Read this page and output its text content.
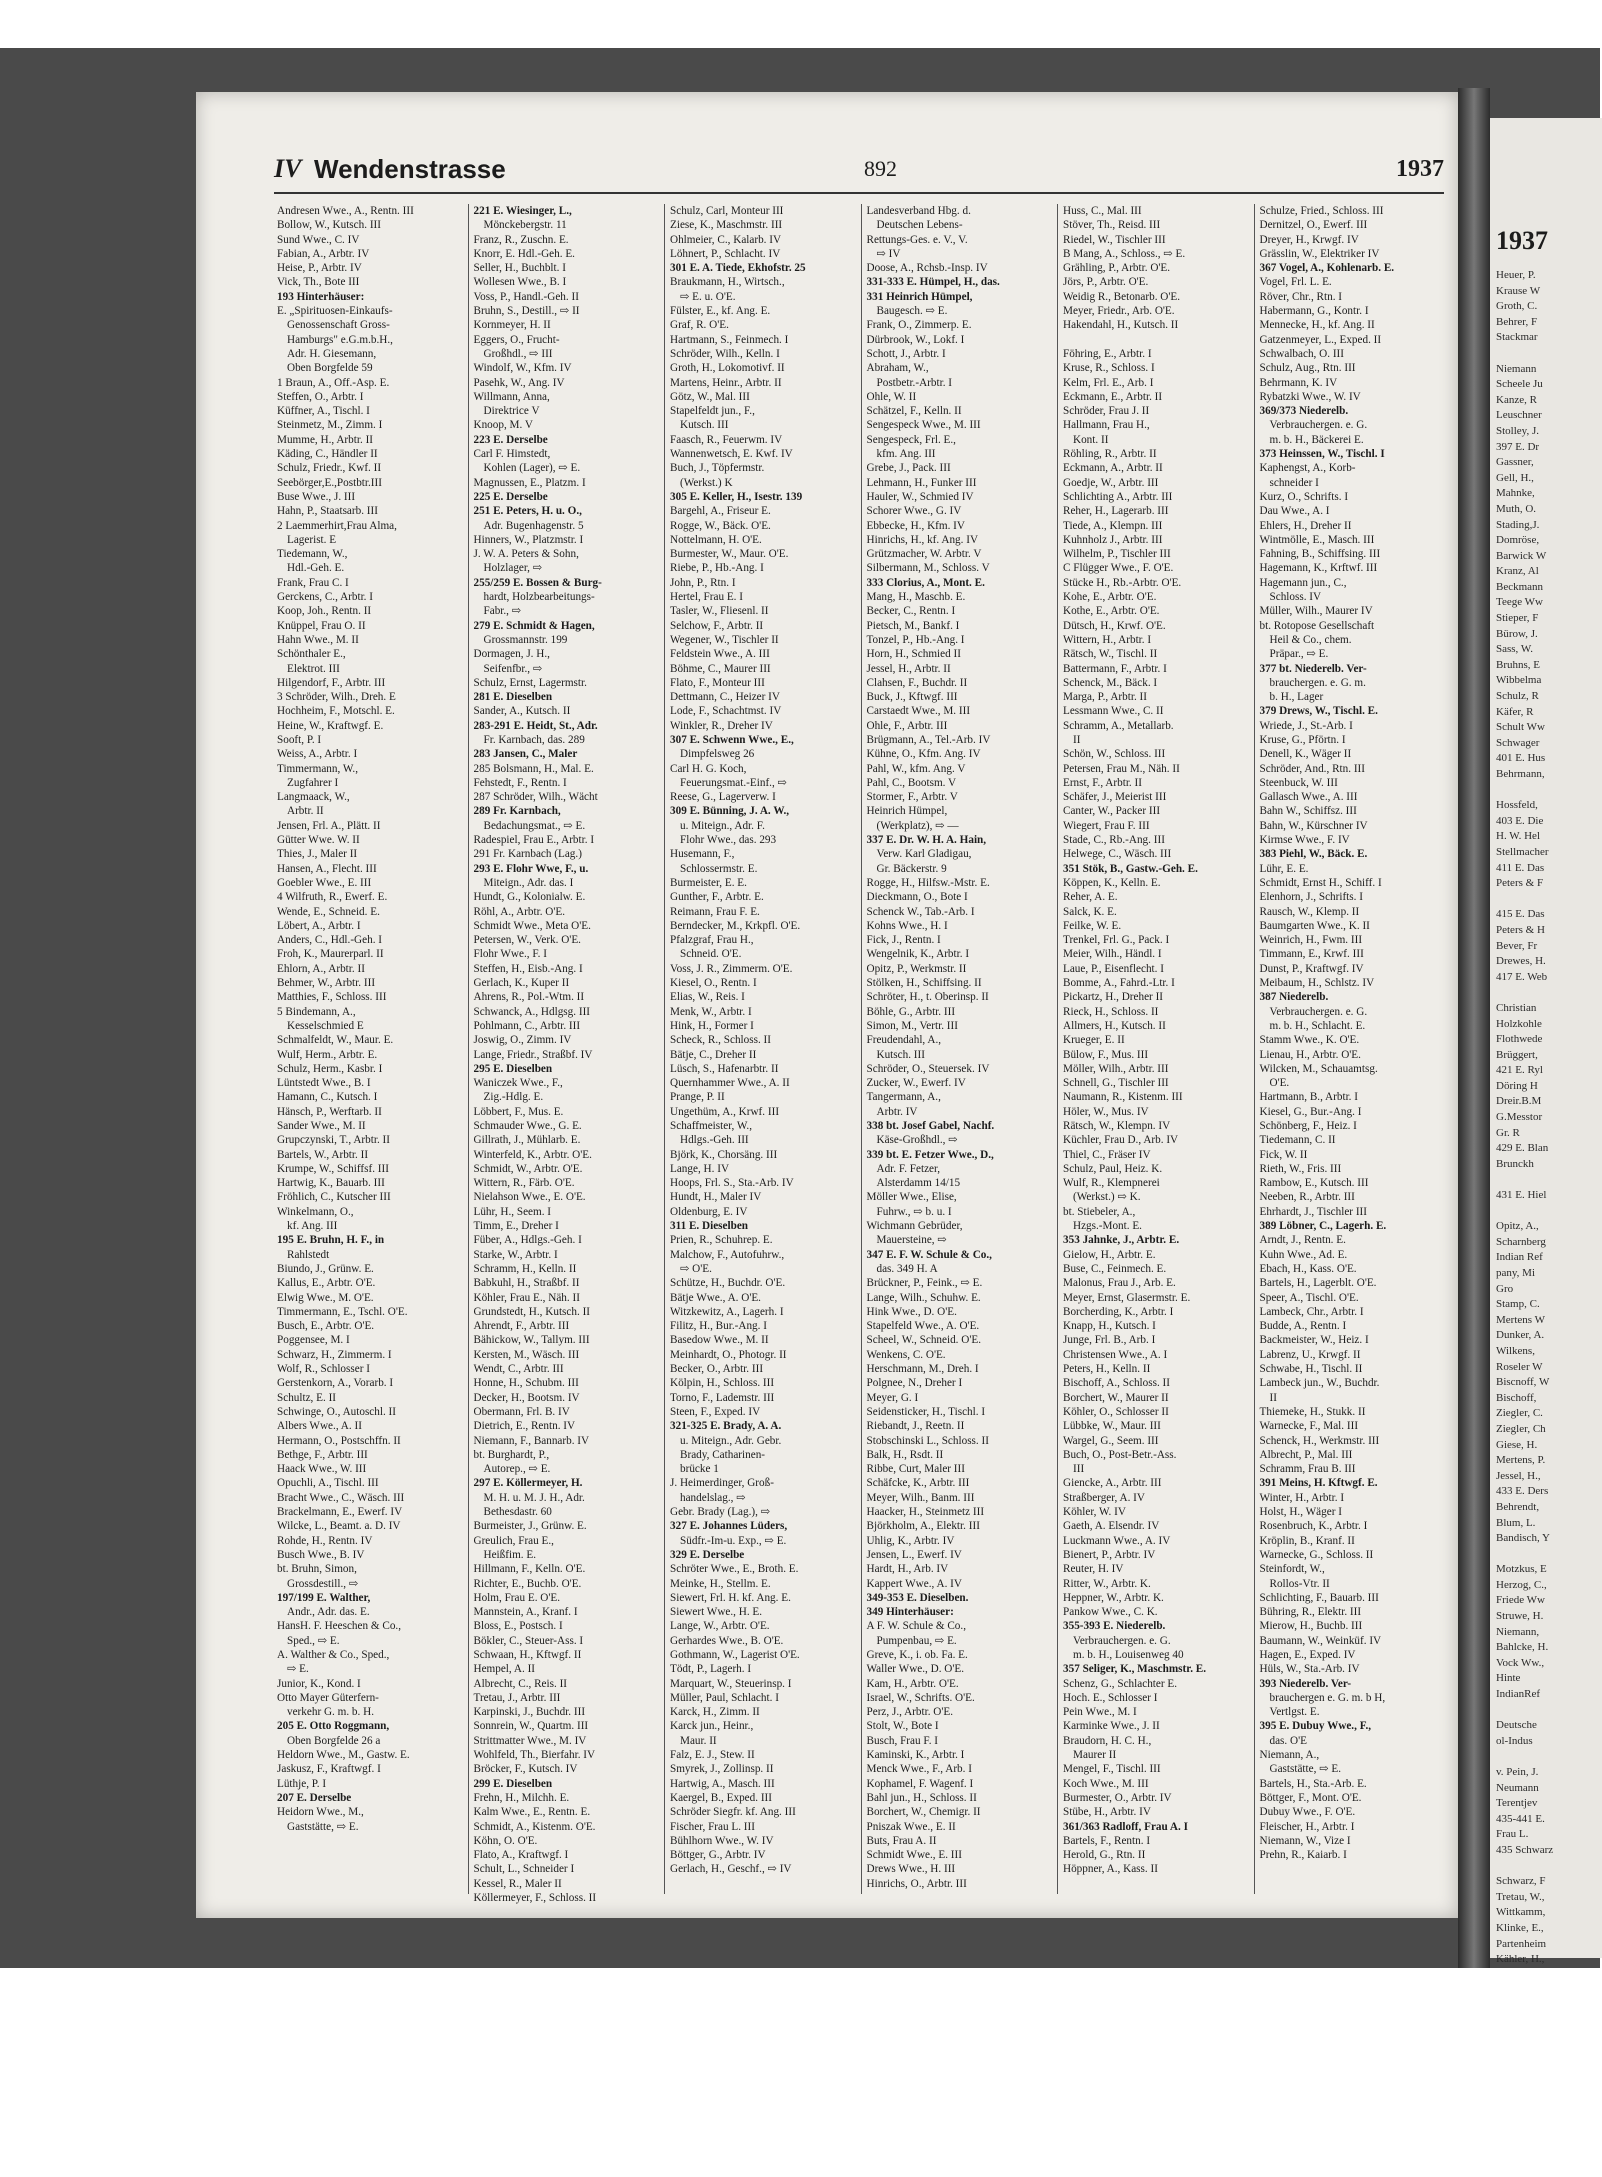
IV Wendenstrasse	892	1937
Andresen Wwe., A., Rentn. III
Bollow, W., Kutsch. III
Sund Wwe., C. IV
Fabian, A., Arbtr. IV
Heise, P., Arbtr. IV
Vick, Th., Bote III
193 Hinterhäuser:
E. „Spirituosen-Einkaufs-
Genossenschaft Gross-
Hamburgs" e.G.m.b.H.,
Adr. H. Giesemann,
Oben Borgfelde 59
1 Braun, A., Off.-Asp. E.
Steffen, O., Arbtr. I
Küffner, A., Tischl. I
Steinmetz, M., Zimm. I
Mumme, H., Arbtr. II
Käding, C., Händler II
Schulz, Friedr., Kwf. II
Seebörger,E.,Postbtr.III
Buse Wwe., J. III
Hahn, P., Staatsarb. III
2 Laemmerhirt,Frau Alma,
Lagerist. E
Tiedemann, W.,
Hdl.-Geh. E.
Frank, Frau C. I
Gerckens, C., Arbtr. I
Koop, Joh., Rentn. II
Knüppel, Frau O. II
Hahn Wwe., M. II
Schönthaler E.,
Elektrot. III
Hilgendorf, F., Arbtr. III
3 Schröder, Wilh., Dreh. E
Hochheim, F., Motschl. E.
Heine, W., Kraftwgf. E.
Sooft, P. I
Weiss, A., Arbtr. I
Timmermann, W.,
Zugfahrer I
Langmaack, W.,
Arbtr. II
Jensen, Frl. A., Plätt. II
Gütter Wwe. W. II
Thies, J., Maler II
Hansen, A., Flecht. III
Goebler Wwe., E. III
4 Wilfruth, R., Ewerf. E.
Wende, E., Schneid. E.
Löbert, A., Arbtr. I
Anders, C., Hdl.-Geh. I
Froh, K., Maurerparl. II
Ehlorn, A., Arbtr. II
Behmer, W., Arbtr. III
Matthies, F., Schloss. III
5 Bindemann, A.,
Kesselschmied E
Schmalfeldt, W., Maur. E.
Wulf, Herm., Arbtr. E.
Schulz, Herm., Kasbr. I
Lüntstedt Wwe., B. I
Hamann, C., Kutsch. I
Hänsch, P., Werftarb. II
Sander Wwe., M. II
Grupczynski, T., Arbtr. II
Bartels, W., Arbtr. II
Krumpe, W., Schiffsf. III
Hartwig, K., Bauarb. III
Fröhlich, C., Kutscher III
Winkelmann, O.,
kf. Ang. III
195 E. Bruhn, H. F., in
Rahlstedt
Biundo, J., Grünw. E.
Kallus, E., Arbtr. O'E.
Elwig Wwe., M. O'E.
Timmermann, E., Tschl. O'E.
Busch, E., Arbtr. O'E.
Poggensee, M. I
Schwarz, H., Zimmerm. I
Wolf, R., Schlosser I
Gerstenkorn, A., Vorarb. I
Schultz, E. II
Schwinge, O., Autoschl. II
Albers Wwe., A. II
Hermann, O., Postschffn. II
Bethge, F., Arbtr. III
Haack Wwe., W. III
Opuchli, A., Tischl. III
Bracht Wwe., C., Wäsch. III
Brackelmann, E., Ewerf. IV
Wilcke, L., Beamt. a. D. IV
Rohde, H., Rentn. IV
Busch Wwe., B. IV
bt. Bruhn, Simon,
Grossdestill., ⇨
197/199 E. Walther,
Andr., Adr. das. E.
HansH. F. Heeschen & Co.,
Sped., ⇨ E.
A. Walther & Co., Sped.,
⇨ E.
Junior, K., Kond. I
Otto Mayer Güterfern-
verkehr G. m. b. H.
205 E. Otto Roggmann,
Oben Borgfelde 26 a
Heldorn Wwe., M., Gastw. E.
Jaskusz, F., Kraftwgf. I
Lüthje, P. I
207 E. Derselbe
Heidorn Wwe., M.,
Gaststätte, ⇨ E.
221 E. Wiesinger, L.,
Mönckebergstr. 11
Franz, R., Zuschn. E.
Knorr, E. Hdl.-Geh. E.
Seller, H., Buchblt. I
Wollesen Wwe., B. I
Voss, P., Handl.-Geh. II
Bruhn, S., Destill., ⇨ II
Kornmeyer, H. II
Eggers, O., Frucht-
Großhdl., ⇨ III
Windolf, W., Kfm. IV
Pasehk, W., Ang. IV
Willmann, Anna,
Direktrice V
Knoop, M. V
223 E. Derselbe
Carl F. Himstedt,
Kohlen (Lager), ⇨ E.
Magnussen, E., Platzm. I
225 E. Derselbe
251 E. Peters, H. u. O.,
Adr. Bugenhagenstr. 5
Hinners, W., Platzmstr. I
J. W. A. Peters & Sohn,
Holzlager, ⇨
255/259 E. Bossen & Burg-
hardt, Holzbearbeitungs-
Fabr., ⇨
279 E. Schmidt & Hagen,
Grossmannstr. 199
Dormagen, J. H.,
Seifenfbr., ⇨
Schulz, Ernst, Lagermstr.
281 E. Dieselben
Sander, A., Kutsch. II
283-291 E. Heidt, St., Adr.
Fr. Karnbach, das. 289
283 Jansen, C., Maler
285 Bolsmann, H., Mal. E.
Fehstedt, F., Rentn. I
287 Schröder, Wilh., Wächt
289 Fr. Karnbach,
Bedachungsmat., ⇨ E.
Radespiel, Frau E., Arbtr. I
291 Fr. Karnbach (Lag.)
293 E. Flohr Wwe, F., u.
Miteign., Adr. das. I
Hundt, G., Kolonialw. E.
Röhl, A., Arbtr. O'E.
Schmidt Wwe., Meta O'E.
Petersen, W., Verk. O'E.
Flohr Wwe., F. I
Steffen, H., Eisb.-Ang. I
Gerlach, K., Kuper II
Ahrens, R., Pol.-Wtm. II
Schwanck, A., Hdlgsg. III
Pohlmann, C., Arbtr. III
Joswig, O., Zimm. IV
Lange, Friedr., Straßbf. IV
295 E. Dieselben
Waniczek Wwe., F.,
Zig.-Hdlg. E.
Löbbert, F., Mus. E.
Schmauder Wwe., G. E.
Gillrath, J., Mühlarb. E.
Winterfeld, K., Arbtr. O'E.
Schmidt, W., Arbtr. O'E.
Wittern, R., Färb. O'E.
Nielahson Wwe., E. O'E.
Lühr, H., Seem. I
Timm, E., Dreher I
Füber, A., Hdlgs.-Geh. I
Starke, W., Arbtr. I
Schramm, H., Kelln. II
Babkuhl, H., Straßbf. II
Köhler, Frau E., Näh. II
Grundstedt, H., Kutsch. II
Ahrendt, F., Arbtr. III
Bähickow, W., Tallym. III
Kersten, M., Wäsch. III
Wendt, C., Arbtr. III
Honne, H., Schubm. III
Decker, H., Bootsm. IV
Obermann, Frl. B. IV
Dietrich, E., Rentn. IV
Niemann, F., Bannarb. IV
bt. Burghardt, P.,
Autorep., ⇨ E.
297 E. Köllermeyer, H.
M. H. u. M. J. H., Adr.
Bethesdastr. 60
Burmeister, J., Grünw. E.
Greulich, Frau E.,
Heißfim. E.
Hillmann, F., Kelln. O'E.
Richter, E., Buchb. O'E.
Holm, Frau E. O'E.
Mannstein, A., Kranf. I
Bloss, E., Postsch. I
Bökler, C., Steuer-Ass. I
Schwaan, H., Kftwgf. II
Hempel, A. II
Albrecht, C., Reis. II
Tretau, J., Arbtr. III
Karpinski, J., Buchdr. III
Sonnrein, W., Quartm. III
Strittmatter Wwe., M. IV
Wohlfeld, Th., Bierfahr. IV
Bröcker, F., Kutsch. IV
299 E. Dieselben
Frehn, H., Milchh. E.
Kalm Wwe., E., Rentn. E.
Schmidt, A., Kistenm. O'E.
Köhn, O. O'E.
Flato, A., Kraftwgf. I
Schult, L., Schneider I
Kessel, R., Maler II
Köllermeyer, F., Schloss. II
Schulz, Carl, Monteur III
Ziese, K., Maschmstr. III
Ohlmeier, C., Kalarb. IV
Löhnert, P., Schlacht. IV
301 E. A. Tiede, Ekhofstr. 25
Braukmann, H., Wirtsch.,
⇨ E. u. O'E.
Fülster, E., kf. Ang. E.
Graf, R. O'E.
Hartmann, S., Feinmech. I
Schröder, Wilh., Kelln. I
Groth, H., Lokomotivf. II
Martens, Heinr., Arbtr. II
Götz, W., Mal. III
Stapelfeldt jun., F.,
Kutsch. III
Faasch, R., Feuerwm. IV
Wannenwetsch, E. Kwf. IV
Buch, J., Töpfermstr.
(Werkst.) K
305 E. Keller, H., Isestr. 139
Bargehl, A., Friseur E.
Rogge, W., Bäck. O'E.
Nottelmann, H. O'E.
Burmester, W., Maur. O'E.
Riebe, P., Hb.-Ang. I
John, P., Rtn. I
Hertel, Frau E. I
Tasler, W., Fliesenl. II
Selchow, F., Arbtr. II
Wegener, W., Tischler II
Feldstein Wwe., A. III
Böhme, C., Maurer III
Flato, F., Monteur III
Dettmann, C., Heizer IV
Lode, F., Schachtmst. IV
Winkler, R., Dreher IV
307 E. Schwenn Wwe., E.,
Dimpfelsweg 26
Carl H. G. Koch,
Feuerungsmat.-Einf., ⇨
Reese, G., Lagerverw. I
309 E. Bünning, J. A. W.,
u. Miteign., Adr. F.
Flohr Wwe., das. 293
Husemann, F.,
Schlossermstr. E.
Burmeister, E. E.
Gunther, F., Arbtr. E.
Reimann, Frau F. E.
Berndecker, M., Krkpfl. O'E.
Pfalzgraf, Frau H.,
Schneid. O'E.
Voss, J. R., Zimmerm. O'E.
Kiesel, O., Rentn. I
Elias, W., Reis. I
Menk, W., Arbtr. I
Hink, H., Former I
Scheck, R., Schloss. II
Bätje, C., Dreher II
Lüsch, S., Hafenarbtr. II
Quernhammer Wwe., A. II
Prange, P. II
Ungethüm, A., Krwf. III
Schaffmeister, W.,
Hdlgs.-Geh. III
Björk, K., Chorsäng. III
Lange, H. IV
Hoops, Frl. S., Sta.-Arb. IV
Hundt, H., Maler IV
Oldenburg, E. IV
311 E. Dieselben
Prien, R., Schuhrep. E.
Malchow, F., Autofuhrw.,
⇨ O'E.
Schütze, H., Buchdr. O'E.
Bätje Wwe., A. O'E.
Witzkewitz, A., Lagerh. I
Filitz, H., Bur.-Ang. I
Basedow Wwe., M. II
Meinhardt, O., Photogr. II
Becker, O., Arbtr. III
Kölpin, H., Schloss. III
Torno, F., Lademstr. III
Steen, F., Exped. IV
321-325 E. Brady, A. A.
u. Miteign., Adr. Gebr.
Brady, Catharinen-
brücke 1
J. Heimerdinger, Groß-
handelslag., ⇨
Gebr. Brady (Lag.), ⇨
327 E. Johannes Lüders,
Südfr.-Im-u. Exp., ⇨ E.
329 E. Derselbe
Schröter Wwe., E., Broth. E.
Meinke, H., Stellm. E.
Siewert, Frl. H. kf. Ang. E.
Siewert Wwe., H. E.
Lange, W., Arbtr. O'E.
Gerhardes Wwe., B. O'E.
Gothmann, W., Lagerist O'E.
Tödt, P., Lagerh. I
Marquart, W., Steuerinsp. I
Müller, Paul, Schlacht. I
Karck, H., Zimm. II
Karck jun., Heinr.,
Maur. II
Falz, E. J., Stew. II
Smyrek, J., Zollinsp. II
Hartwig, A., Masch. III
Kaergel, B., Exped. III
Schröder Siegfr. kf. Ang. III
Fischer, Frau L. III
Bühlhorn Wwe., W. IV
Böttger, G., Arbtr. IV
Gerlach, H., Geschf., ⇨ IV
Landesverband Hbg. d.
Deutschen Lebens-
Rettungs-Ges. e. V., V.
⇨ IV
Doose, A., Rchsb.-Insp. IV
331-333 E. Hümpel, H., das.
331 Heinrich Hümpel,
Baugesch. ⇨ E.
Frank, O., Zimmerp. E.
Dürbrook, W., Lokf. I
Schott, J., Arbtr. I
Abraham, W.,
Postbetr.-Arbtr. I
Ohle, W. II
Schätzel, F., Kelln. II
Sengespeck Wwe., M. III
Sengespeck, Frl. E.,
kfm. Ang. III
Grebe, J., Pack. III
Lehmann, H., Funker III
Hauler, W., Schmied IV
Schorer Wwe., G. IV
Ebbecke, H., Kfm. IV
Hinrichs, H., kf. Ang. IV
Grützmacher, W. Arbtr. V
Silbermann, M., Schloss. V
333 Clorius, A., Mont. E.
Mang, H., Maschb. E.
Becker, C., Rentn. I
Pietsch, M., Bankf. I
Tonzel, P., Hb.-Ang. I
Horn, H., Schmied II
Jessel, H., Arbtr. II
Clahsen, F., Buchdr. II
Buck, J., Kftwgf. III
Carstaedt Wwe., M. III
Ohle, F., Arbtr. III
Brügmann, A., Tel.-Arb. IV
Kühne, O., Kfm. Ang. IV
Pahl, W., kfm. Ang. V
Pahl, C., Bootsm. V
Stormer, F., Arbtr. V
Heinrich Hümpel,
(Werkplatz), ⇨ —
337 E. Dr. W. H. A. Hain,
Verw. Karl Gladigau,
Gr. Bäckerstr. 9
Rogge, H., Hilfsw.-Mstr. E.
Dieckmann, O., Bote I
Schenck W., Tab.-Arb. I
Kohns Wwe., H. I
Fick, J., Rentn. I
Wengelnik, K., Arbtr. I
Opitz, P., Werkmstr. II
Stölken, H., Schiffsing. II
Schröter, H., t. Oberinsp. II
Böhle, G., Arbtr. III
Simon, M., Vertr. III
Freudendahl, A.,
Kutsch. III
Schröder, O., Steuersek. IV
Zucker, W., Ewerf. IV
Tangermann, A.,
Arbtr. IV
338 bt. Josef Gabel, Nachf.
Käse-Großhdl., ⇨
339 bt. E. Fetzer Wwe., D.,
Adr. F. Fetzer,
Alsterdamm 14/15
Möller Wwe., Elise,
Fuhrw., ⇨ b. u. I
Wichmann Gebrüder,
Mauersteine, ⇨
347 E. F. W. Schule & Co.,
das. 349 H. A
Brückner, P., Feink., ⇨ E.
Lange, Wilh., Schuhw. E.
Hink Wwe., D. O'E.
Stapelfeld Wwe., A. O'E.
Scheel, W., Schneid. O'E.
Wenkens, C. O'E.
Herschmann, M., Dreh. I
Polgnee, N., Dreher I
Meyer, G. I
Seidensticker, H., Tischl. I
Riebandt, J., Reetn. II
Stobschinski L., Schloss. II
Balk, H., Rsdt. II
Ribbe, Curt, Maler III
Schäfcke, K., Arbtr. III
Meyer, Wilh., Banm. III
Haacker, H., Steinmetz III
Björkholm, A., Elektr. III
Uhlig, K., Arbtr. IV
Jensen, L., Ewerf. IV
Hardt, H., Arb. IV
Kappert Wwe., A. IV
349-353 E. Dieselben.
349 Hinterhäuser:
A F. W. Schule & Co.,
Pumpenbau, ⇨ E.
Greve, K., i. ob. Fa. E.
Waller Wwe., D. O'E.
Kam, H., Arbtr. O'E.
Israel, W., Schrifts. O'E.
Perz, J., Arbtr. O'E.
Stolt, W., Bote I
Busch, Frau F. I
Kaminski, K., Arbtr. I
Menck Wwe., F., Arb. I
Kophamel, F. Wagenf. I
Bahl jun., H., Schloss. II
Borchert, W., Chemigr. II
Pniszak Wwe., E. II
Buts, Frau A. II
Schmidt Wwe., E. III
Drews Wwe., H. III
Hinrichs, O., Arbtr. III
Huss, C., Mal. III
Stöver, Th., Reisd. III
Riedel, W., Tischler III
B Mang, A., Schloss., ⇨ E.
Grähling, P., Arbtr. O'E.
Jörs, P., Arbtr. O'E.
Weidig R., Betonarb. O'E.
Meyer, Friedr., Arb. O'E.
Hakendahl, H., Kutsch. II

Föhring, E., Arbtr. I
Kruse, R., Schloss. I
Kelm, Frl. E., Arb. I
Eckmann, E., Arbtr. II
Schröder, Frau J. II
Hallmann, Frau H.,
Kont. II
Röhling, R., Arbtr. II
Eckmann, A., Arbtr. II
Goedje, W., Arbtr. III
Schlichting A., Arbtr. III
Reher, H., Lagerarb. III
Tiede, A., Klempn. III
Kuhnholz J., Arbtr. III
Wilhelm, P., Tischler III
C Flügger Wwe., F. O'E.
Stücke H., Rb.-Arbtr. O'E.
Kohe, E., Arbtr. O'E.
Kothe, E., Arbtr. O'E.
Dütsch, H., Krwf. O'E.
Wittern, H., Arbtr. I
Rätsch, W., Tischl. II
Battermann, F., Arbtr. I
Schenck, M., Bäck. I
Marga, P., Arbtr. II
Lessmann Wwe., C. II
Schramm, A., Metallarb.
II
Schön, W., Schloss. III
Petersen, Frau M., Näh. II
Ernst, F., Arbtr. II
Schäfer, J., Meierist III
Canter, W., Packer III
Wiegert, Frau F. III
Stade, C., Rb.-Ang. III
Helwege, C., Wäsch. III
351 Stök, B., Gastw.-Geh. E.
Köppen, K., Kelln. E.
Reher, A. E.
Salck, K. E.
Feilke, W. E.
Trenkel, Frl. G., Pack. I
Meier, Wilh., Händl. I
Laue, P., Eisenflecht. I
Bomme, A., Fahrd.-Ltr. I
Pickartz, H., Dreher II
Rieck, H., Schloss. II
Allmers, H., Kutsch. II
Krueger, E. II
Bülow, F., Mus. III
Möller, Wilh., Arbtr. III
Schnell, G., Tischler III
Naumann, R., Kistenm. III
Höler, W., Mus. IV
Rätsch, W., Klempn. IV
Küchler, Frau D., Arb. IV
Thiel, C., Fräser IV
Schulz, Paul, Heiz. K.
Wulf, R., Klempnerei
(Werkst.) ⇨ K.
bt. Stiebeler, A.,
Hzgs.-Mont. E.
353 Jahnke, J., Arbtr. E.
Gielow, H., Arbtr. E.
Buse, C., Feinmech. E.
Malonus, Frau J., Arb. E.
Meyer, Ernst, Glasermstr. E.
Borcherding, K., Arbtr. I
Knapp, H., Kutsch. I
Junge, Frl. B., Arb. I
Christensen Wwe., A. I
Peters, H., Kelln. II
Bischoff, A., Schloss. II
Borchert, W., Maurer II
Köhler, O., Schlosser II
Lübbke, W., Maur. III
Wargel, G., Seem. III
Buch, O., Post-Betr.-Ass.
III
Giencke, A., Arbtr. III
Straßberger, A. IV
Köhler, W. IV
Gaeth, A. Elsendr. IV
Luckmann Wwe., A. IV
Bienert, P., Arbtr. IV
Reuter, H. IV
Ritter, W., Arbtr. K.
Heppner, W., Arbtr. K.
Pankow Wwe., C. K.
355-393 E. Niederelb.
Verbrauchergen. e. G.
m. b. H., Louisenweg 40
357 Seliger, K., Maschmstr. E.
Schenz, G., Schlachter E.
Hoch. E., Schlosser I
Pein Wwe., M. I
Karminke Wwe., J. II
Braudorn, H. C. H.,
Maurer II
Mengel, F., Tischl. III
Koch Wwe., M. III
Burmester, O., Arbtr. IV
Stübe, H., Arbtr. IV
361/363 Radloff, Frau A. I
Bartels, F., Rentn. I
Herold, G., Rtn. II
Höppner, A., Kass. II
Schulze, Fried., Schloss. III
Dernitzel, O., Ewerf. III
Dreyer, H., Krwgf. IV
Grässlin, W., Elektriker IV
367 Vogel, A., Kohlenarb. E.
Vogel, Frl. L. E.
Röver, Chr., Rtn. I
Habermann, G., Kontr. I
Mennecke, H., kf. Ang. II
Gatzenmeyer, L., Exped. II
Schwalbach, O. III
Schulz, Aug., Rtn. III
Behrmann, K. IV
Rybatzki Wwe., W. IV
369/373 Niederelb.
Verbrauchergen. e. G.
m. b. H., Bäckerei E.
373 Heinssen, W., Tischl. I
Kaphengst, A., Korb-
schneider I
Kurz, O., Schrifts. I
Dau Wwe., A. I
Ehlers, H., Dreher II
Wintmölle, E., Masch. III
Fahning, B., Schiffsing. III
Hagemann, K., Krftwf. III
Hagemann jun., C.,
Schloss. IV
Müller, Wilh., Maurer IV
bt. Rotopose Gesellschaft
Heil & Co., chem.
Präpar., ⇨ E.
377 bt. Niederelb. Ver-
brauchergen. e. G. m.
b. H., Lager
379 Drews, W., Tischl. E.
Wriede, J., St.-Arb. I
Kruse, G., Pförtn. I
Denell, K., Wäger II
Schröder, And., Rtn. III
Steenbuck, W. III
Gallasch Wwe., A. III
Bahn W., Schiffsz. III
Bahn, W., Kürschner IV
Kirmse Wwe., F. IV
383 Piehl, W., Bäck. E.
Lühr, E. E.
Schmidt, Ernst H., Schiff. I
Elenhorn, J., Schrifts. I
Rausch, W., Klemp. II
Baumgarten Wwe., K. II
Weinrich, H., Fwm. III
Timmann, E., Krwf. III
Dunst, P., Kraftwgf. IV
Meibaum, H., Schlstz. IV
387 Niederelb.
Verbrauchergen. e. G.
m. b. H., Schlacht. E.
Stamm Wwe., K. O'E.
Lienau, H., Arbtr. O'E.
Wilcken, M., Schauamtsg.
O'E.
Hartmann, B., Arbtr. I
Kiesel, G., Bur.-Ang. I
Schönberg, F., Heiz. I
Tiedemann, C. II
Fick, W. II
Rieth, W., Fris. III
Rambow, E., Kutsch. III
Neeben, R., Arbtr. III
Ehrhardt, J., Tischler III
389 Löbner, C., Lagerh. E.
Arndt, J., Rentn. E.
Kuhn Wwe., Ad. E.
Ebach, H., Kass. O'E.
Bartels, H., Lagerblt. O'E.
Speer, A., Tischl. O'E.
Lambeck, Chr., Arbtr. I
Budde, A., Rentn. I
Backmeister, W., Heiz. I
Labrenz, U., Krwgf. II
Schwabe, H., Tischl. II
Lambeck jun., W., Buchdr.
II
Thiemeke, H., Stukk. II
Warnecke, F., Mal. III
Schenck, H., Werkmstr. III
Albrecht, P., Mal. III
Schramm, Frau B. III
391 Meins, H. Kftwgf. E.
Winter, H., Arbtr. I
Holst, H., Wäger I
Rosenbruch, K., Arbtr. I
Kröplin, B., Kranf. II
Warnecke, G., Schloss. II
Steinfordt, W.,
Rollos-Vtr. II
Schlichting, F., Bauarb. III
Bühring, R., Elektr. III
Mierow, H., Buchb. III
Baumann, W., Weinküf. IV
Hagen, E., Exped. IV
Hüls, W., Sta.-Arb. IV
393 Niederelb. Ver-
brauchergen e. G. m. b H,
Vertlgst. E.
395 E. Dubuy Wwe., F.,
das. O'E
Niemann, A.,
Gaststätte, ⇨ E.
Bartels, H., Sta.-Arb. E.
Böttger, F., Mont. O'E.
Dubuy Wwe., F. O'E.
Fleischer, H., Arbtr. I
Niemann, W., Vize I
Prehn, R., Kaiarb. I
1937
Heuer, P.
Krause W
Groth, C.
Behrer, F
Stackmar

Niemann
Scheele Ju
Kanze, R
Leuschner
Stolley, J.
397 E. Dr
Gassner,
Gell, H.,
Mahnke,
Muth, O.
Stading,J.
Domröse,
Barwick W
Kranz, Al
Beckmann
Teege Ww
Stieper, F
Bürow, J.
Sass, W.
Bruhns, E
Wibbelma
Schulz, R
Käfer, R
Schult Ww
Schwager
401 E. Hus
Behrmann,

Hossfeld,
403 E. Die
H. W. Hel
Stellmacher
411 E. Das
Peters & F

415 E. Das
Peters & H
Bever, Fr
Drewes, H.
417 E. Web

Christian
Holzkohle
Flothwede
Brüggert,
421 E. Ryl
Döring H
Dreir.B.M
G.Messtor
Gr. R
429 E. Blan
Brunckh

431 E. Hiel

Opitz, A.,
Scharnberg
Indian Ref
pany, Mi
Gro
Stamp, C.
Mertens W
Dunker, A.
Wilkens,
Roseler W
Biscnoff, W
Bischoff,
Ziegler, C.
Ziegler, Ch
Giese, H.
Mertens, P.
Jessel, H.,
433 E. Ders
Behrendt,
Blum, L.
Bandisch, Y

Motzkus, E
Herzog, C.,
Friede Ww
Struwe, H.
Niemann,
Bahlcke, H.
Vock Ww.,
Hinte
IndianRef

Deutsche
ol-Indus

v. Pein, J.
Neumann
Terentjev
435-441 E.
Frau L.
435 Schwarz

Schwarz, F
Tretau, W.,
Wittkamm,
Klinke, E.,
Partenheim
Kähler, H.,
